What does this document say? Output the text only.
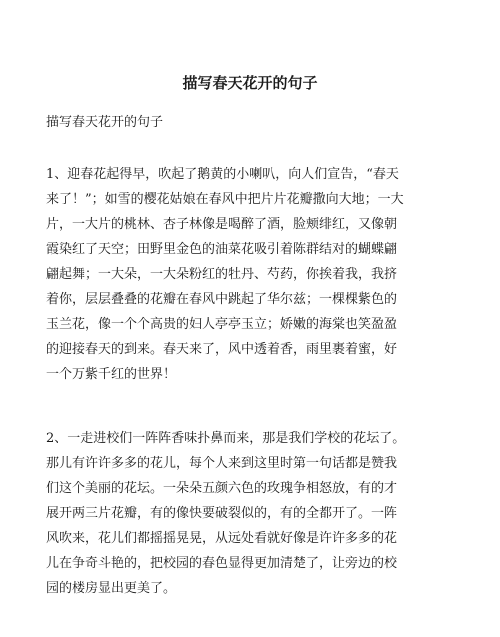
描写春天花开的句子

描写春天花开的句子

1、迎春花起得早，吹起了鹅黄的小喇叭，向人们宣告，“春天
来了！”；如雪的樱花姑娘在春风中把片片花瓣撒向大地；一大
片，一大片的桃林、杏子林像是喝醉了酒，脸颊绯红，又像朝
霞染红了天空；田野里金色的油菜花吸引着陈群结对的蝴蝶翩
翩起舞；一大朵，一大朵粉红的牡丹、芍药，你挨着我，我挤
着你，层层叠叠的花瓣在春风中跳起了华尔兹；一棵棵紫色的
玉兰花，像一个个高贵的妇人亭亭玉立；娇嫩的海棠也笑盈盈
的迎接春天的到来。春天来了，风中透着香，雨里裹着蜜，好
一个万紫千红的世界！
2、一走进校们一阵阵香味扑鼻而来，那是我们学校的花坛了。
那儿有许许多多的花儿，每个人来到这里时第一句话都是赞我
们这个美丽的花坛。一朵朵五颜六色的玫瑰争相怒放，有的才
展开两三片花瓣，有的像快要破裂似的，有的全都开了。一阵
风吹来，花儿们都摇摇晃晃，从远处看就好像是许许多多的花
儿在争奇斗艳的，把校园的春色显得更加清楚了，让旁边的校
园的楼房显出更美了。
